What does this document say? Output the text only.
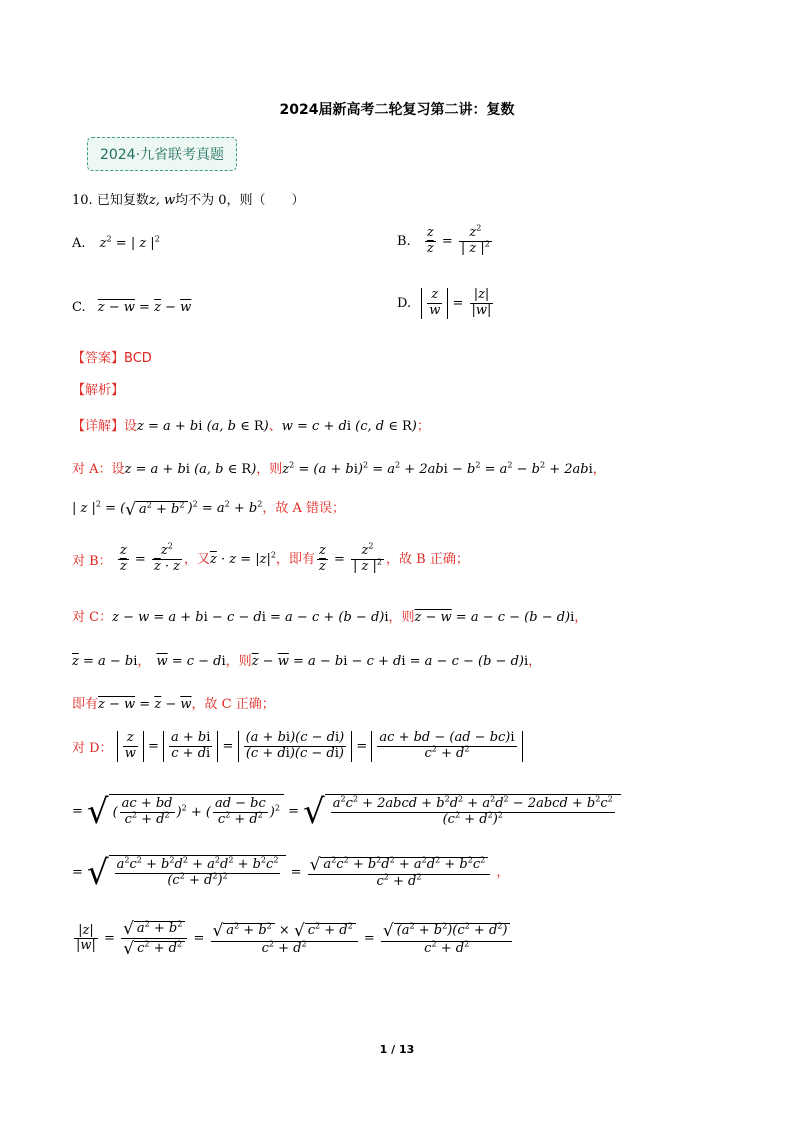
2024届新高考二轮复习第二讲：复数
2024·九省联考真题
10. 已知复数z, w均不为 0，则（　　）
A. $z^2$ = | z $|^2$	B. $\frac{z}{z} = \frac{z^2}{| z |^2}$
C. $z - w = \overline{z} - \overline{w}$	D. $\frac{z}{w} = \frac{|z|}{|w|}$
【答案】BCD
【解析】
【详解】设z = a + bi (a, b ∈ R)、w = c + di (c, d ∈ R)；
对 A：设z = a + bi (a, b ∈ R)，则$z^2 = (a + bi)^2 = a^2 + 2abi - b^2 = a^2 - b^2 + 2abi$，
| z $|^2$ = (√ $a^2 + b^2$ )$^2 = a^2 + b^2$，故 A 错误；
对 B： $\frac{z}{z} = \frac{z^2}{\overline{z} \cdot z}$ ，又$\overline{z} \cdot z = |z|^2$，即有 $\frac{z}{z} = \frac{z^2}{| z |^2}$ ，故 B 正确；
对 C：z − w = a + bi − c − di = a − c + (b − d)i，则z − w = a − c − (b − d)i，
$\overline{z} = a$ − bi， $\overline{w} = c$ − di，则$\overline{z} - \overline{w} = a$ − bi − c + di = a − c − (b − d)i，
即有$z - w = \overline{z} - \overline{w}$，故 C 正确；
对 D： $\frac{z}{w} = \frac{a + bi}{c + di} = \frac{(a + bi)(c - di)}{(c + di)(c - di)} = \frac{ac + bd - (ad - bc)i}{c^2 + d^2}$
= √ ( $\frac{ac + bd}{c^2 + d^2} )^2$ + ( $\frac{ad - bc}{c^2 + d^2} )^2$ = √ $\frac{a^2c^2 + 2abcd + b^2d^2 + a^2d^2 - 2abcd + b^2c^2}{(c^2 + d^2)^2}$
= √ $\frac{a^2c^2 + b^2d^2 + a^2d^2 + b^2c^2}{(c^2 + d^2)^2} = \frac{√ a^2c^2 + b^2d^2 + a^2d^2 + b^2c^2}{c^2 + d^2}$ ，
$\frac{|z|}{|w|} = \frac{√ a^2 + b^2}{√ c^2 + d^2} = \frac{√ a^2 + b^2 \times √ c^2 + d^2}{c^2 + d^2} = \frac{√ (a^2 + b^2)(c^2 + d^2)}{c^2 + d^2}$
1 / 13
